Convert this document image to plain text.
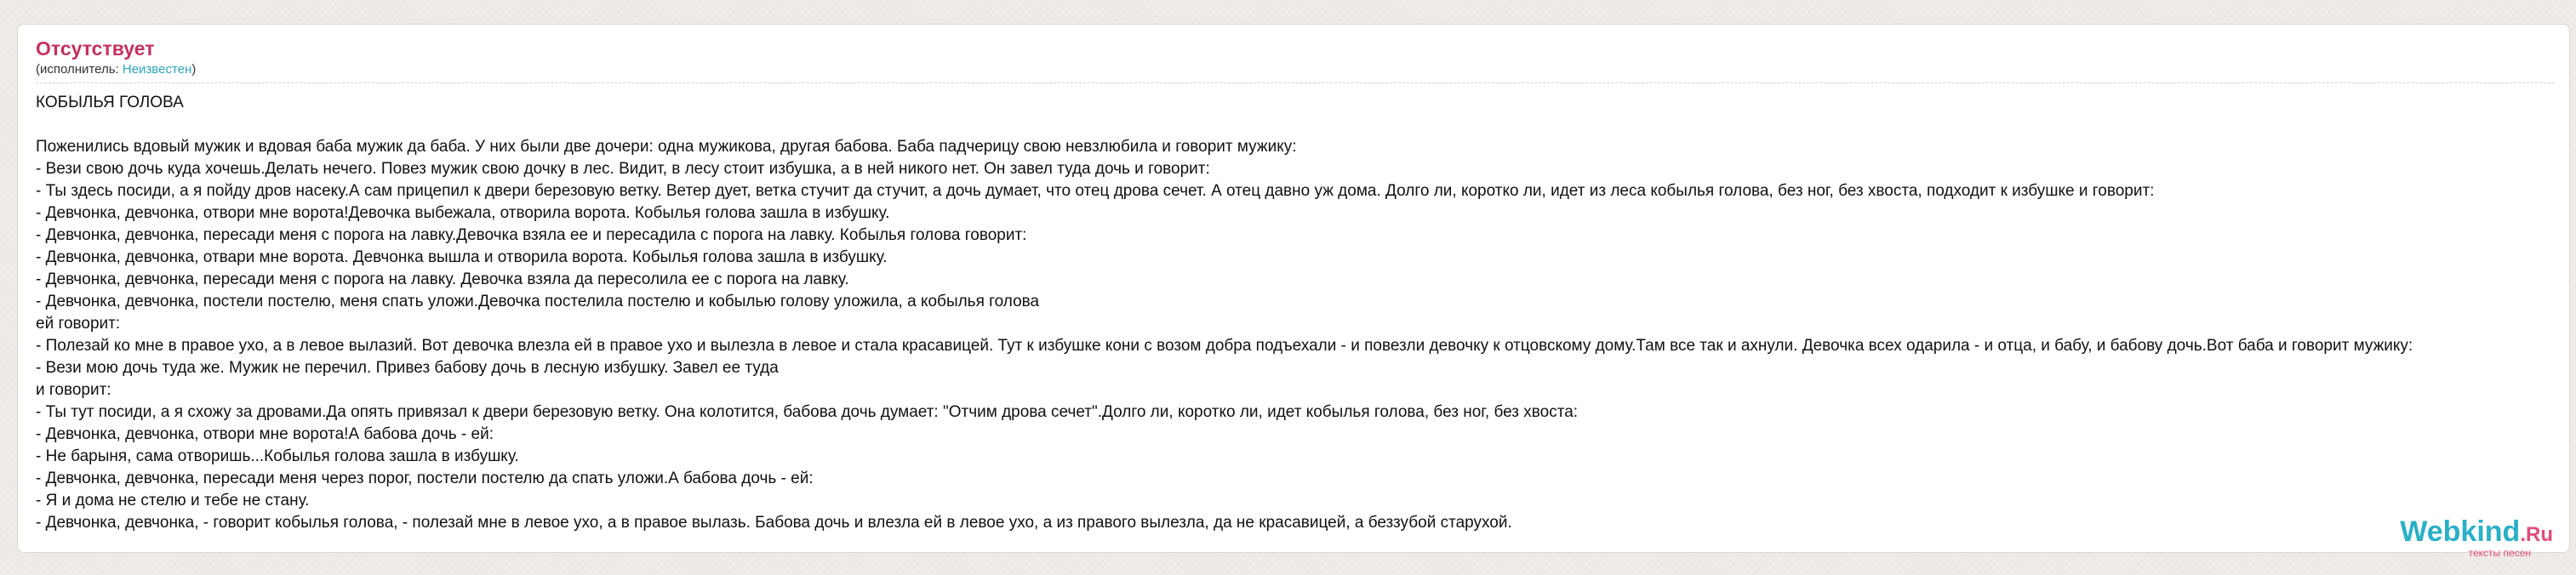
Отсутствует
(исполнитель: Неизвестен)
КОБЫЛЬЯ ГОЛОВА
Поженились вдовый мужик и вдовая баба мужик да баба. У них были две дочери: одна мужикова, другая бабова. Баба падчерицу свою невзлюбила и говорит мужику:
- Вези свою дочь куда хочешь.Делать нечего. Повез мужик свою дочку в лес. Видит, в лесу стоит избушка, а в ней никого нет. Он завел туда дочь и говорит:
- Ты здесь посиди, а я пойду дров насеку.А сам прицепил к двери березовую ветку. Ветер дует, ветка стучит да стучит, а дочь думает, что отец дрова сечет. А отец давно уж дома. Долго ли, коротко ли, идет из леса кобылья голова, без ног, без хвоста, подходит к избушке и говорит:
- Девчонка, девчонка, отвори мне ворота!Девочка выбежала, отворила ворота. Кобылья голова зашла в избушку.
- Девчонка, девчонка, пересади меня с порога на лавку.Девочка взяла ее и пересадила с порога на лавку. Кобылья голова говорит:
- Девчонка, девчонка, отвари мне ворота. Девчонка вышла и отворила ворота. Кобылья голова зашла в избушку.
- Девчонка, девчонка, пересади меня с порога на лавку. Девочка взяла да пересолила ее с порога на лавку.
- Девчонка, девчонка, постели постелю, меня спать уложи.Девочка постелила постелю и кобылью голову уложила, а кобылья голова
ей говорит:
- Полезай ко мне в правое ухо, а в левое вылазий. Вот девочка влезла ей в правое ухо и вылезла в левое и стала красавицей. Тут к избушке кони с возом добра подъехали - и повезли девочку к отцовскому дому.Там все так и ахнули. Девочка всех одарила - и отца, и бабу, и бабову дочь.Вот баба и говорит мужику:
- Вези мою дочь туда же. Мужик не перечил. Привез бабову дочь в лесную избушку. Завел ее туда
и говорит:
- Ты тут посиди, а я схожу за дровами.Да опять привязал к двери березовую ветку. Она колотится, бабова дочь думает: "Отчим дрова сечет".Долго ли, коротко ли, идет кобылья голова, без ног, без хвоста:
- Девчонка, девчонка, отвори мне ворота!А бабова дочь - ей:
- Не барыня, сама отворишь...Кобылья голова зашла в избушку.
- Девчонка, девчонка, пересади меня через порог, постели постелю да спать уложи.А бабова дочь - ей:
- Я и дома не стелю и тебе не стану.
- Девчонка, девчонка, - говорит кобылья голова, - полезай мне в левое ухо, а в правое вылазь. Бабова дочь и влезла ей в левое ухо, а из правого вылезла, да не красавицей, а беззубой старухой.	Webkind.Ru
тексты песен
